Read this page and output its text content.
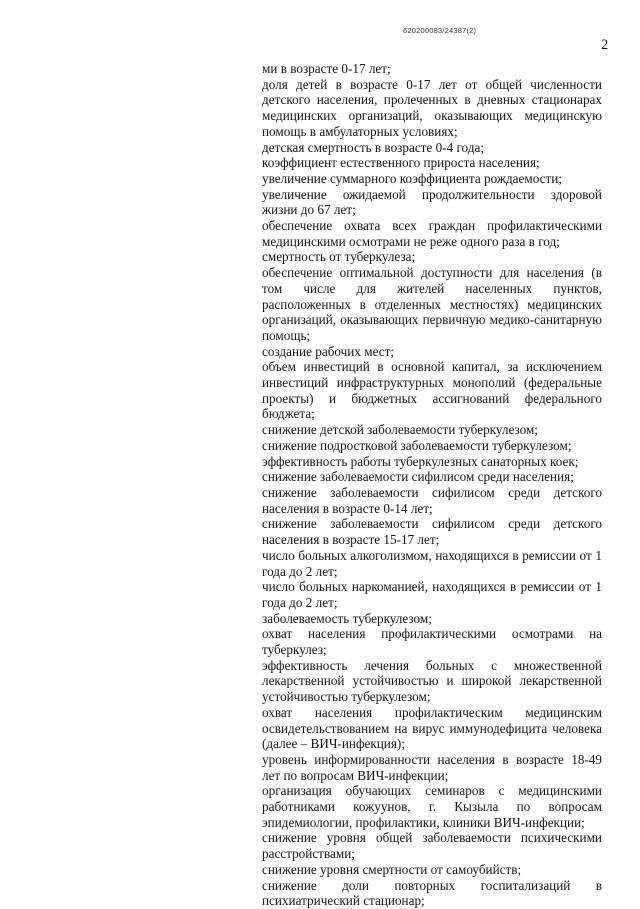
620200083/24387(2)
2

ми в возрасте 0-17 лет;

доля детей в возрасте 0-17 лет от общей численности детского населения, пролеченных в дневных стационарах медицинских организаций, оказывающих медицинскую помощь в амбулаторных условиях;

детская смертность в возрасте 0-4 года;

коэффициент естественного прироста населения;

увеличение суммарного коэффициента рождаемости;

увеличение ожидаемой продолжительности здоровой жизни до 67 лет;

обеспечение охвата всех граждан профилактическими медицинскими осмотрами не реже одного раза в год;

смертность от туберкулеза;

обеспечение оптимальной доступности для населения (в том числе для жителей населенных пунктов, расположенных в отделенных местностях) медицинских организаций, оказывающих первичную медико-санитарную помощь;

создание рабочих мест;

объем инвестиций в основной капитал, за исключением инвестиций инфраструктурных монополий (федеральные проекты) и бюджетных ассигнований федерального бюджета;

снижение детской заболеваемости туберкулезом;

снижение подростковой заболеваемости туберкулезом;

эффективность работы туберкулезных санаторных коек;

снижение заболеваемости сифилисом среди населения;

снижение заболеваемости сифилисом среди детского населения в возрасте 0-14 лет;

снижение заболеваемости сифилисом среди детского населения в возрасте 15-17 лет;

число больных алкоголизмом, находящихся в ремиссии от 1 года до 2 лет;

число больных наркоманией, находящихся в ремиссии от 1 года до 2 лет;

заболеваемость туберкулезом;

охват населения профилактическими осмотрами на туберкулез;

эффективность лечения больных с множественной лекарственной устойчивостью и широкой лекарственной устойчивостью туберкулезом;

охват населения профилактическим медицинским освидетельствованием на вирус иммунодефицита человека (далее – ВИЧ-инфекция);

уровень информированности населения в возрасте 18-49 лет по вопросам ВИЧ-инфекции;

организация обучающих семинаров с медицинскими работниками кожуунов, г. Кызыла по вопросам эпидемиологии, профилактики, клиники ВИЧ-инфекции;

снижение уровня общей заболеваемости психическими расстройствами;

снижение уровня смертности от самоубийств;

снижение доли повторных госпитализаций в психиатрический стационар;
